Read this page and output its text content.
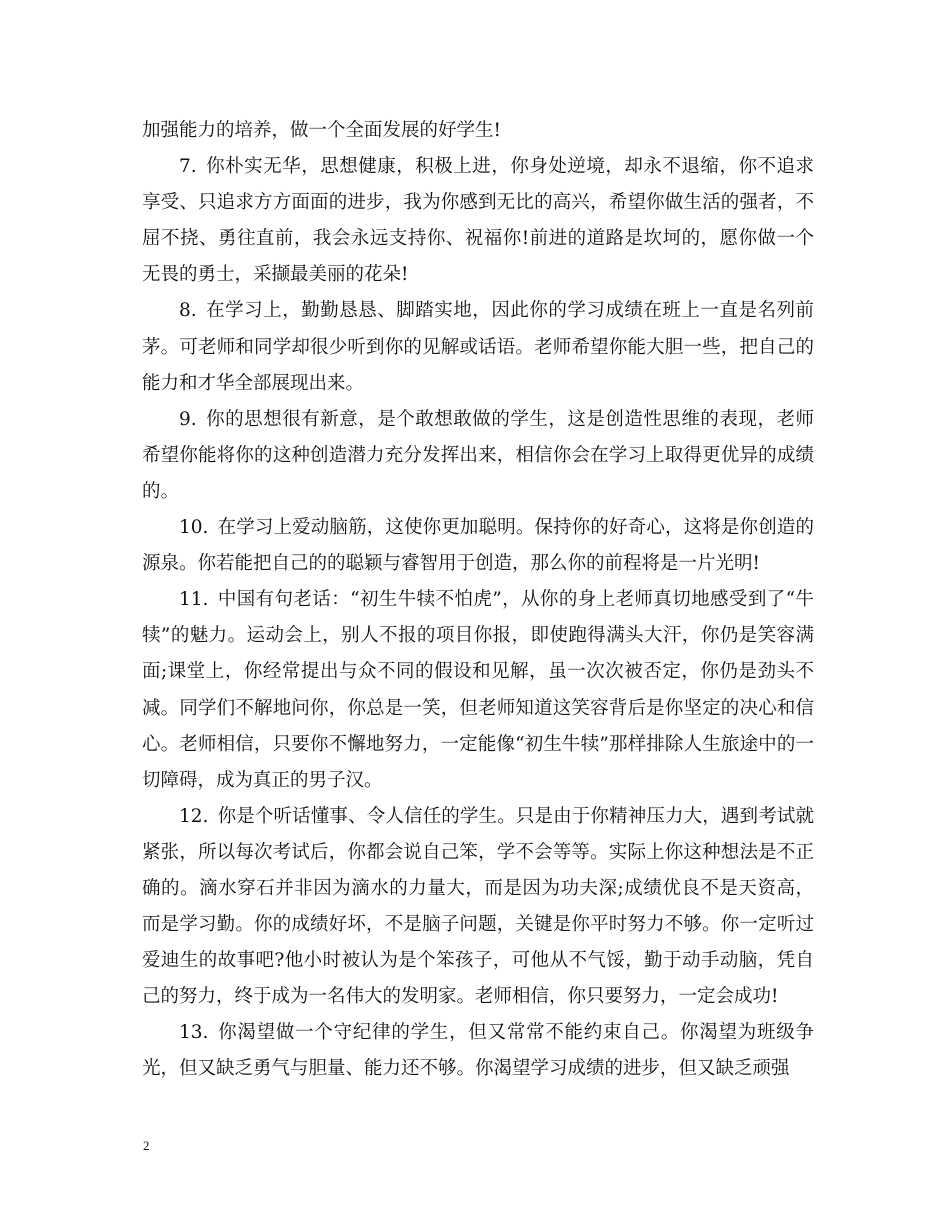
加强能力的培养，做一个全面发展的好学生!

7. 你朴实无华，思想健康，积极上进，你身处逆境，却永不退缩，你不追求享受、只追求方方面面的进步，我为你感到无比的高兴，希望你做生活的强者，不屈不挠、勇往直前，我会永远支持你、祝福你!前进的道路是坎坷的，愿你做一个无畏的勇士，采撷最美丽的花朵!

8. 在学习上，勤勤恳恳、脚踏实地，因此你的学习成绩在班上一直是名列前茅。可老师和同学却很少听到你的见解或话语。老师希望你能大胆一些，把自己的能力和才华全部展现出来。

9. 你的思想很有新意，是个敢想敢做的学生，这是创造性思维的表现，老师希望你能将你的这种创造潜力充分发挥出来，相信你会在学习上取得更优异的成绩的。

10. 在学习上爱动脑筋，这使你更加聪明。保持你的好奇心，这将是你创造的源泉。你若能把自己的的聪颖与睿智用于创造，那么你的前程将是一片光明!

11. 中国有句老话：“初生牛犊不怕虎”，从你的身上老师真切地感受到了“牛犊”的魅力。运动会上，别人不报的项目你报，即使跑得满头大汗，你仍是笑容满面;课堂上，你经常提出与众不同的假设和见解，虽一次次被否定，你仍是劲头不减。同学们不解地问你，你总是一笑，但老师知道这笑容背后是你坚定的决心和信心。老师相信，只要你不懈地努力，一定能像“初生牛犊”那样排除人生旅途中的一切障碍，成为真正的男子汉。

12. 你是个听话懂事、令人信任的学生。只是由于你精神压力大，遇到考试就紧张，所以每次考试后，你都会说自己笨，学不会等等。实际上你这种想法是不正确的。滴水穿石并非因为滴水的力量大，而是因为功夫深;成绩优良不是天资高，而是学习勤。你的成绩好坏，不是脑子问题，关键是你平时努力不够。你一定听过爱迪生的故事吧?他小时被认为是个笨孩子，可他从不气馁，勤于动手动脑，凭自己的努力，终于成为一名伟大的发明家。老师相信，你只要努力，一定会成功!

13. 你渴望做一个守纪律的学生，但又常常不能约束自己。你渴望为班级争光，但又缺乏勇气与胆量、能力还不够。你渴望学习成绩的进步，但又缺乏顽强

2
